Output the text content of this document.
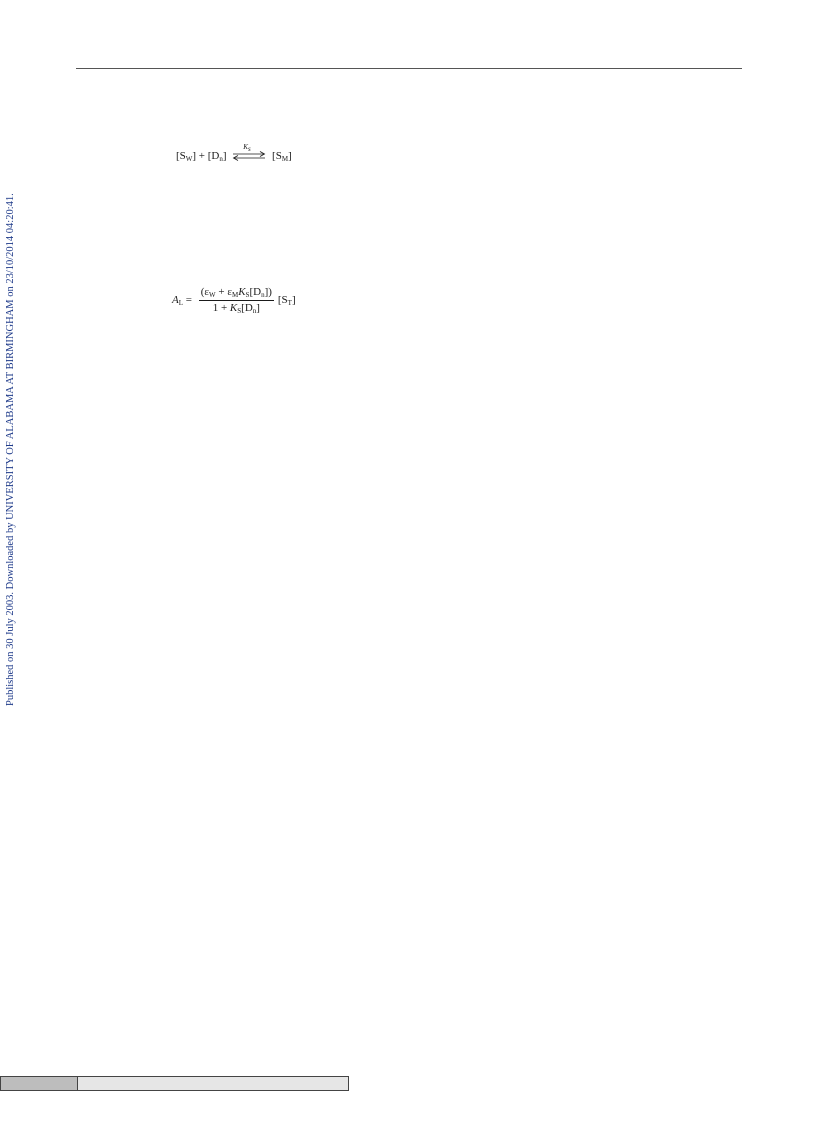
Published on 30 July 2003. Downloaded by UNIVERSITY OF ALABAMA AT BIRMINGHAM on 23/10/2014 04:20:41.
$[S_W] + [D_n]$
$K_s$
$[S_M]$
$A_L = \frac{(\varepsilon_W + \varepsilon_MK_S[D_n])}{1 + K_S[D_n]} [S_T]$
